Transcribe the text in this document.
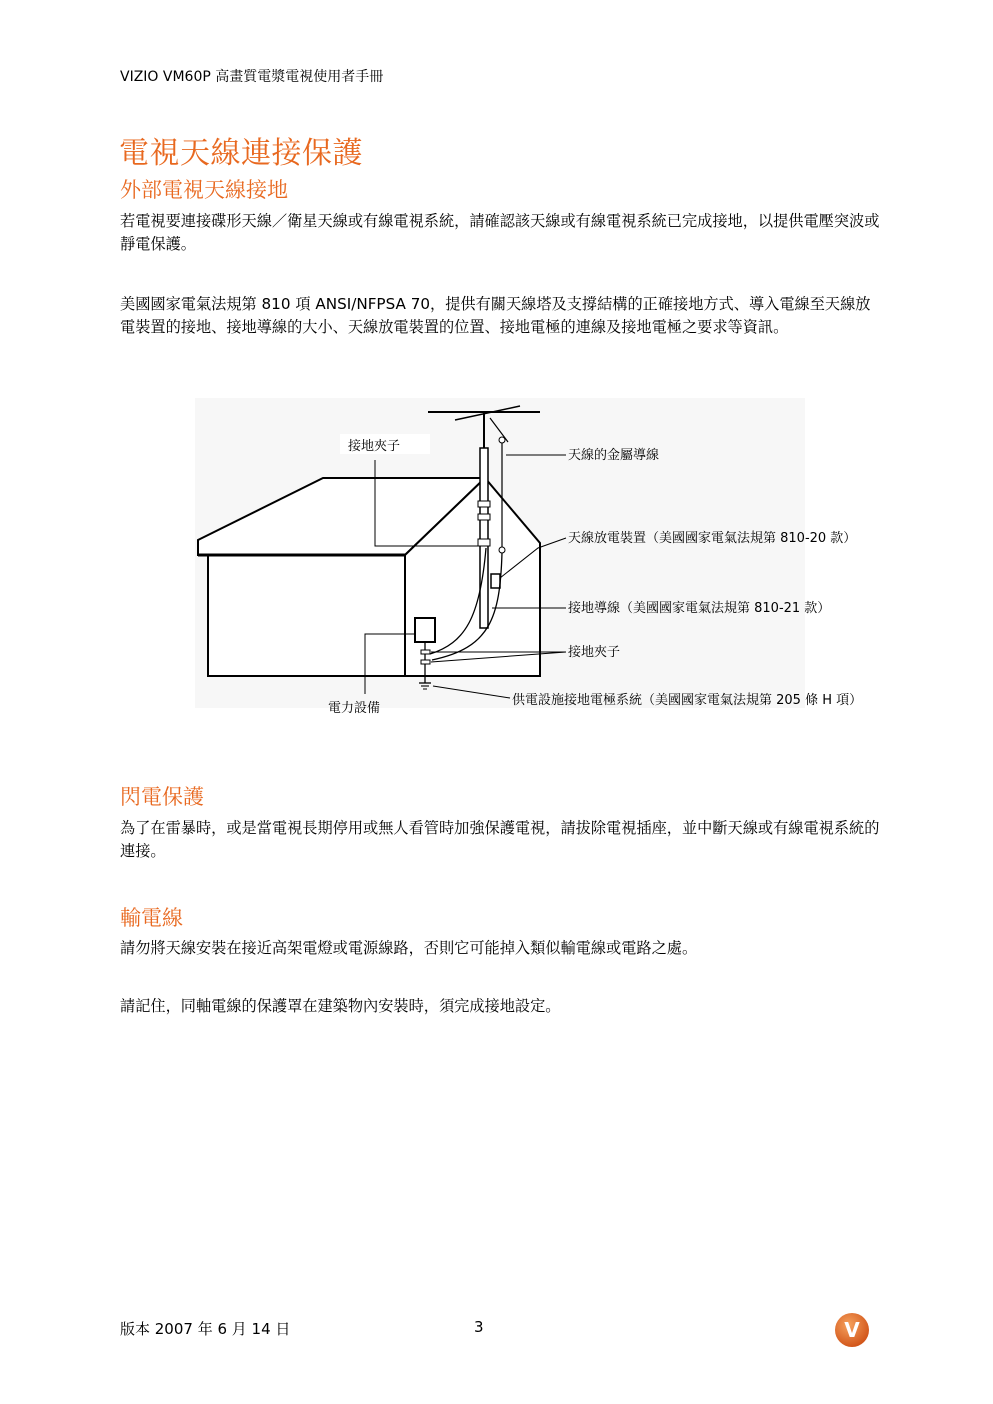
VIZIO VM60P 高畫質電漿電視使用者手冊
電視天線連接保護
外部電視天線接地

若電視要連接碟形天線／衛星天線或有線電視系統，請確認該天線或有線電視系統已完成接地，以提供電壓突波或靜電保護。

美國國家電氣法規第 810 項 ANSI/NFPSA 70，提供有關天線塔及支撐結構的正確接地方式、導入電線至天線放電裝置的接地、接地導線的大小、天線放電裝置的位置、接地電極的連線及接地電極之要求等資訊。

接地夾子
天線的金屬導線
天線放電裝置（美國國家電氣法規第 810-20 款）
接地導線（美國國家電氣法規第 810-21 款）
接地夾子
供電設施接地電極系統（美國國家電氣法規第 205 條 H 項）
電力設備
閃電保護

為了在雷暴時，或是當電視長期停用或無人看管時加強保護電視，請拔除電視插座，並中斷天線或有線電視系統的連接。

輸電線

請勿將天線安裝在接近高架電燈或電源線路，否則它可能掉入類似輸電線或電路之處。

請記住，同軸電線的保護罩在建築物內安裝時，須完成接地設定。

版本 2007 年 6 月 14 日	3	V
